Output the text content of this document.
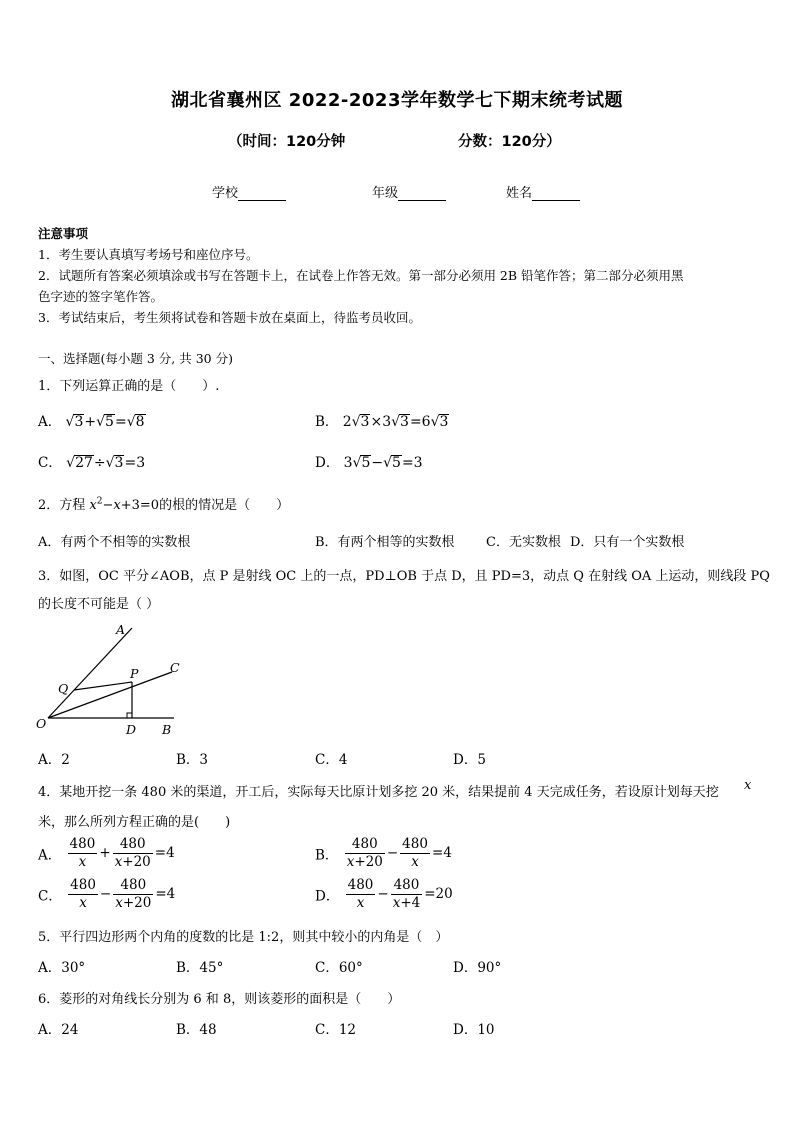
湖北省襄州区 2022-2023学年数学七下期末统考试题
（时间：120分钟	分数：120分）
学校	年级	姓名
注意事项
1．考生要认真填写考场号和座位序号。
2．试题所有答案必须填涂或书写在答题卡上，在试卷上作答无效。第一部分必须用 2B 铅笔作答；第二部分必须用黑
色字迹的签字笔作答。
3．考试结束后，考生须将试卷和答题卡放在桌面上，待监考员收回。
一、选择题(每小题 3 分, 共 30 分)
1．下列运算正确的是（　　）.
A． √3+√5=√8	B． 2√3×3√3=6√3
C． √27÷√3=3	D． 3√5−√5=3
2．方程 $x^2-x+3=0$的根的情况是（　　）
A．有两个不相等的实数根	B．有两个相等的实数根 C．无实数根 D．只有一个实数根
3．如图，OC 平分∠AOB，点 P 是射线 OC 上的一点，PD⊥OB 于点 D，且 PD=3，动点 Q 在射线 OA 上运动，则线段 PQ
的长度不可能是（ ）
A
P	C
Q
O	D B
A．2	B．3	C．4	D．5
4．某地开挖一条 480 米的渠道，开工后，实际每天比原计划多挖 20 米，结果提前 4 天完成任务，若设原计划每天挖 x
米，那么所列方程正确的是(　　)
A． $\frac{480}{x} + \frac{480}{x+20} =4$	B． $\frac{480}{x+20} - \frac{480}{x} =4$
C． $\frac{480}{x} - \frac{480}{x+20} =4$	D． $\frac{480}{x} - \frac{480}{x+4} =20$
5．平行四边形两个内角的度数的比是 1:2，则其中较小的内角是（　）
A．30°	B．45°	C．60°	D．90°
6．菱形的对角线长分别为 6 和 8，则该菱形的面积是（　　）
A．24	B．48	C．12	D．10
